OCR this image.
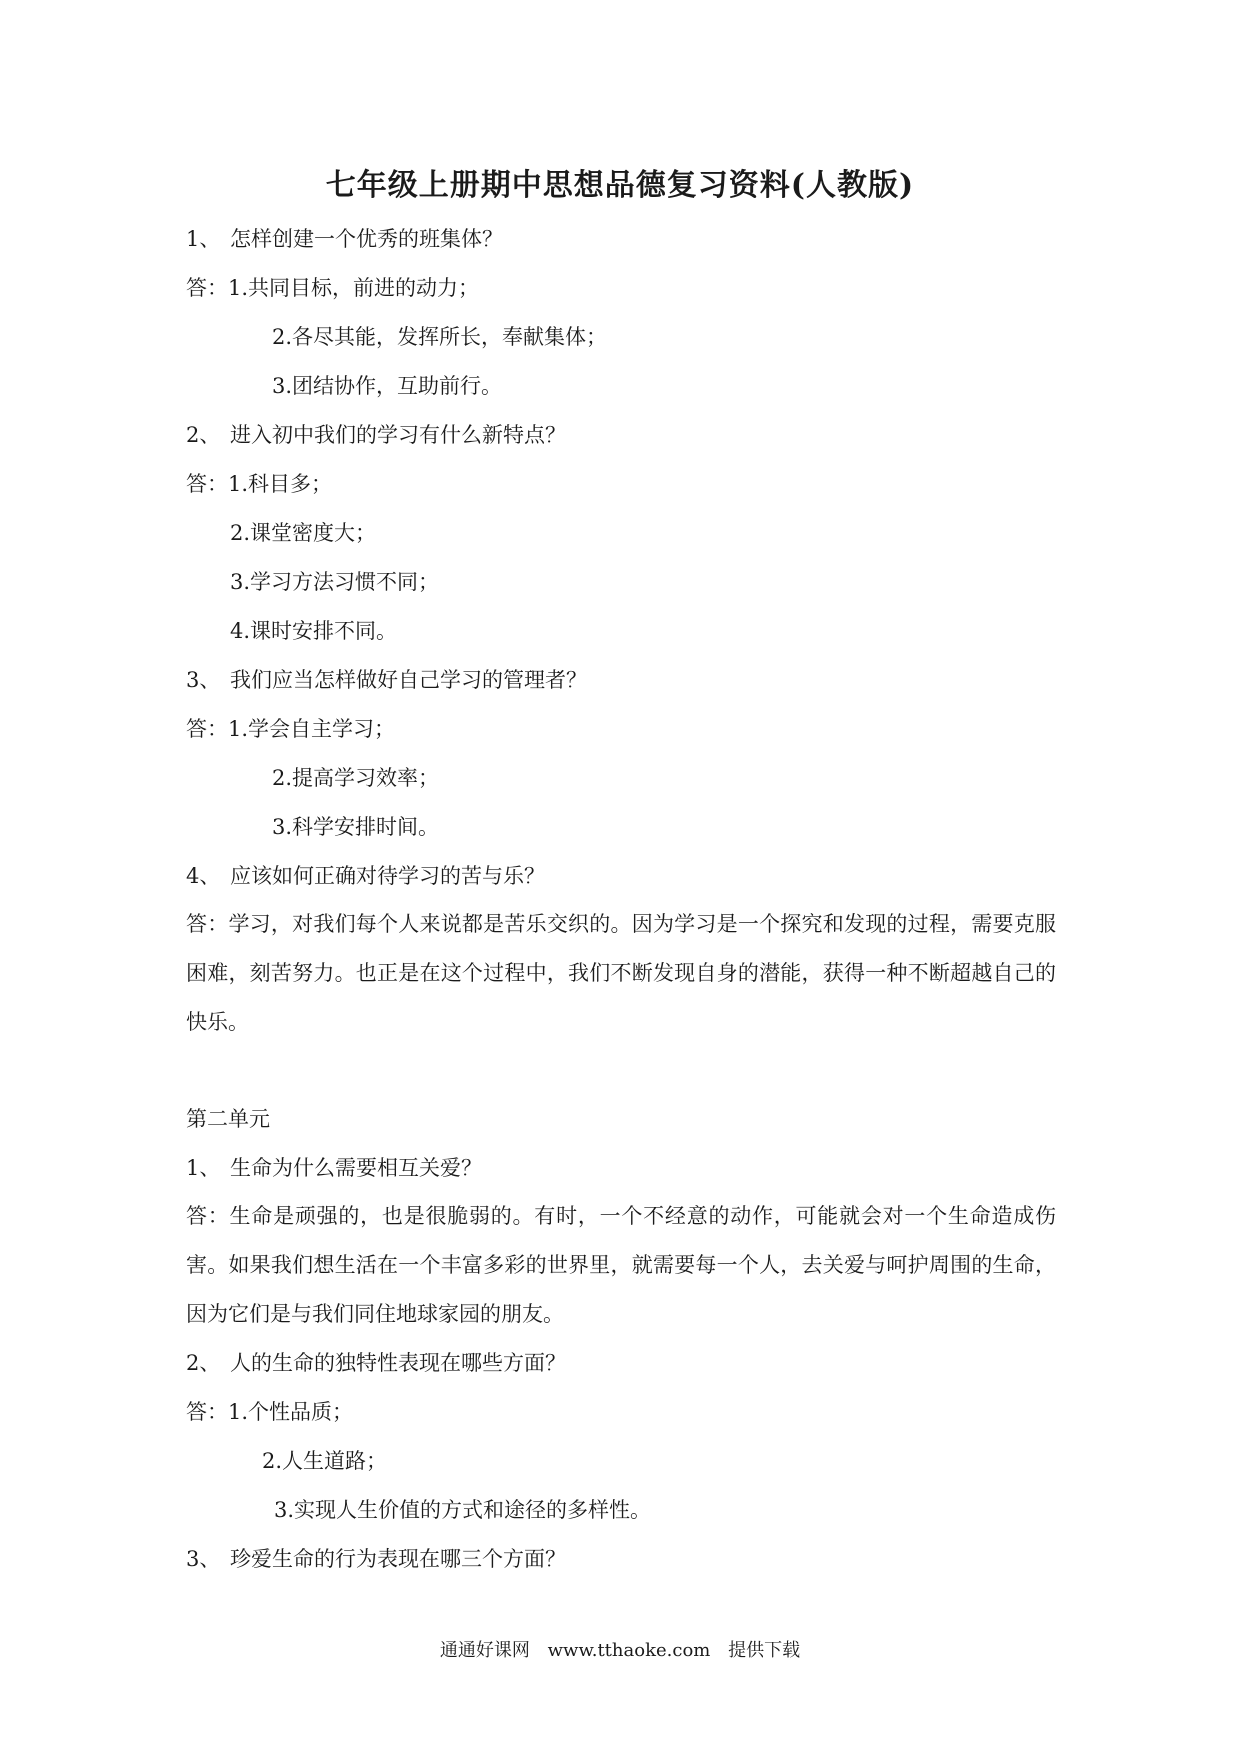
七年级上册期中思想品德复习资料(人教版)
1、 怎样创建一个优秀的班集体？
答：1.共同目标，前进的动力；
2.各尽其能，发挥所长，奉献集体；
3.团结协作，互助前行。
2、 进入初中我们的学习有什么新特点？
答：1.科目多；
2.课堂密度大；
3.学习方法习惯不同；
4.课时安排不同。
3、 我们应当怎样做好自己学习的管理者？
答：1.学会自主学习；
2.提高学习效率；
3.科学安排时间。
4、 应该如何正确对待学习的苦与乐？
答：学习，对我们每个人来说都是苦乐交织的。因为学习是一个探究和发现的过程，需要克服困难，刻苦努力。也正是在这个过程中，我们不断发现自身的潜能，获得一种不断超越自己的快乐。
第二单元
1、 生命为什么需要相互关爱？
答：生命是顽强的，也是很脆弱的。有时，一个不经意的动作，可能就会对一个生命造成伤害。如果我们想生活在一个丰富多彩的世界里，就需要每一个人，去关爱与呵护周围的生命，因为它们是与我们同住地球家园的朋友。
2、 人的生命的独特性表现在哪些方面？
答：1.个性品质；
2.人生道路；
3.实现人生价值的方式和途径的多样性。
3、 珍爱生命的行为表现在哪三个方面？
通通好课网 www.tthaoke.com 提供下载
